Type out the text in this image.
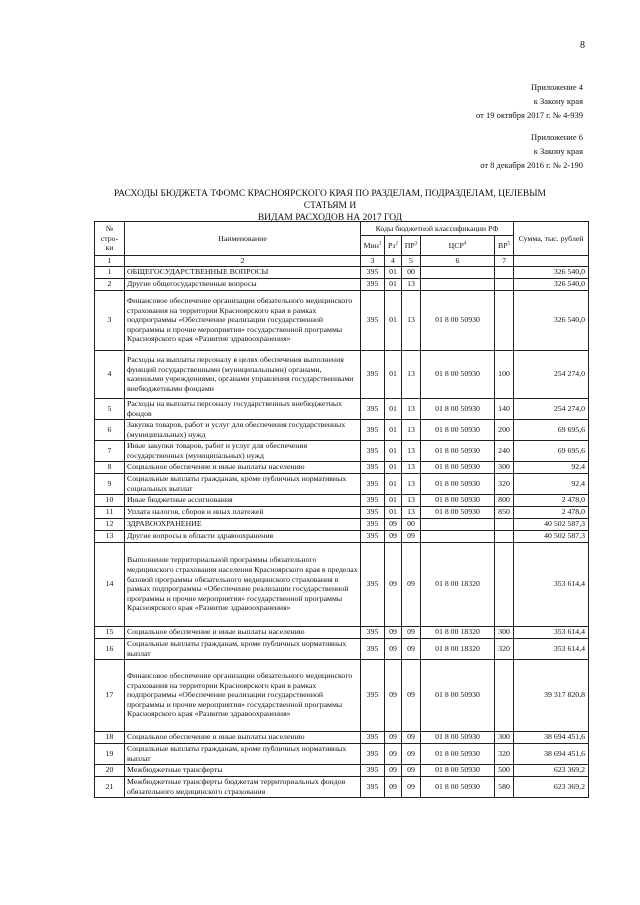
8
Приложение 4
к Закону края
от 19 октября 2017 г. № 4-939
Приложение 6
к Закону края
от 8 декабря 2016 г. № 2-190
РАСХОДЫ БЮДЖЕТА ТФОМС КРАСНОЯРСКОГО КРАЯ ПО РАЗДЕЛАМ, ПОДРАЗДЕЛАМ, ЦЕЛЕВЫМ СТАТЬЯМ И
ВИДАМ РАСХОДОВ НА 2017 ГОД
№ стро-ки	Наименование	Коды бюджетной классификации РФ					Сумма, тыс. рублей
		Мин$^1$	$Рз^2$	$ПР^3$	ЦСР$^4$	$ВР^5$
1	2	3	4	5	6	7	
1	ОБЩЕГОСУДАРСТВЕННЫЕ ВОПРОСЫ	395	01	00			326 540,0
2	Другие общегосударственные вопросы	395	01	13			326 540,0
3	Финансовое обеспечение организации обязательного медицинского страхования на территории Красноярского края в рамках подпрограммы «Обеспечение реализации государственной программы и прочие мероприятия» государственной программы Красноярского края «Развитие здравоохранения»	395	01	13	01 8 00 50930		326 540,0
4	Расходы на выплаты персоналу в целях обеспечения выполнения функций государственными (муниципальными) органами, казенными учреждениями, органами управления государственными внебюджетными фондами	395	01	13	01 8 00 50930	100	254 274,0
5	Расходы на выплаты персоналу государственных внебюджетных фондов	395	01	13	01 8 00 50930	140	254 274,0
6	Закупка товаров, работ и услуг для обеспечения государственных (муниципальных) нужд	395	01	13	01 8 00 50930	200	69 695,6
7	Иные закупки товаров, работ и услуг для обеспечения государственных (муниципальных) нужд	395	01	13	01 8 00 50930	240	69 695,6
8	Социальное обеспечение и иные выплаты населению	395	01	13	01 8 00 50930	300	92,4
9	Социальные выплаты гражданам, кроме публичных нормативных социальных выплат	395	01	13	01 8 00 50930	320	92,4
10	Иные бюджетные ассигнования	395	01	13	01 8 00 50930	800	2 478,0
11	Уплата налогов, сборов и иных платежей	395	01	13	01 8 00 50930	850	2 478,0
12	ЗДРАВООХРАНЕНИЕ	395	09	00			40 502 587,3
13	Другие вопросы в области здравоохранения	395	09	09			40 502 587,3
14	Выполнение территориальной программы обязательного медицинского страхования населения Красноярского края в пределах базовой программы обязательного медицинского страхования в рамках подпрограммы «Обеспечение реализации государственной программы и прочие мероприятия» государственной программы Красноярского края «Развитие здравоохранения»	395	09	09	01 8 00 18320		353 614,4
15	Социальное обеспечение и иные выплаты населению	395	09	09	01 8 00 18320	300	353 614,4
16	Социальные выплаты гражданам, кроме публичных нормативных выплат	395	09	09	01 8 00 18320	320	353 614,4
17	Финансовое обеспечение организации обязательного медицинского страхования на территории Красноярского края в рамках подпрограммы «Обеспечение реализации государственной программы и прочие мероприятия» государственной программы Красноярского края «Развитие здравоохранения»	395	09	09	01 8 00 50930		39 317 820,8
18	Социальное обеспечение и иные выплаты населению	395	09	09	01 8 00 50930	300	38 694 451,6
19	Социальные выплаты гражданам, кроме публичных нормативных выплат	395	09	09	01 8 00 50930	320	38 694 451,6
20	Межбюджетные трансферты	395	09	09	01 8 00 50930	500	623 369,2
21	Межбюджетные трансферты бюджетам территориальных фондов обязательного медицинского страхования	395	09	09	01 8 00 50930	580	623 369,2
